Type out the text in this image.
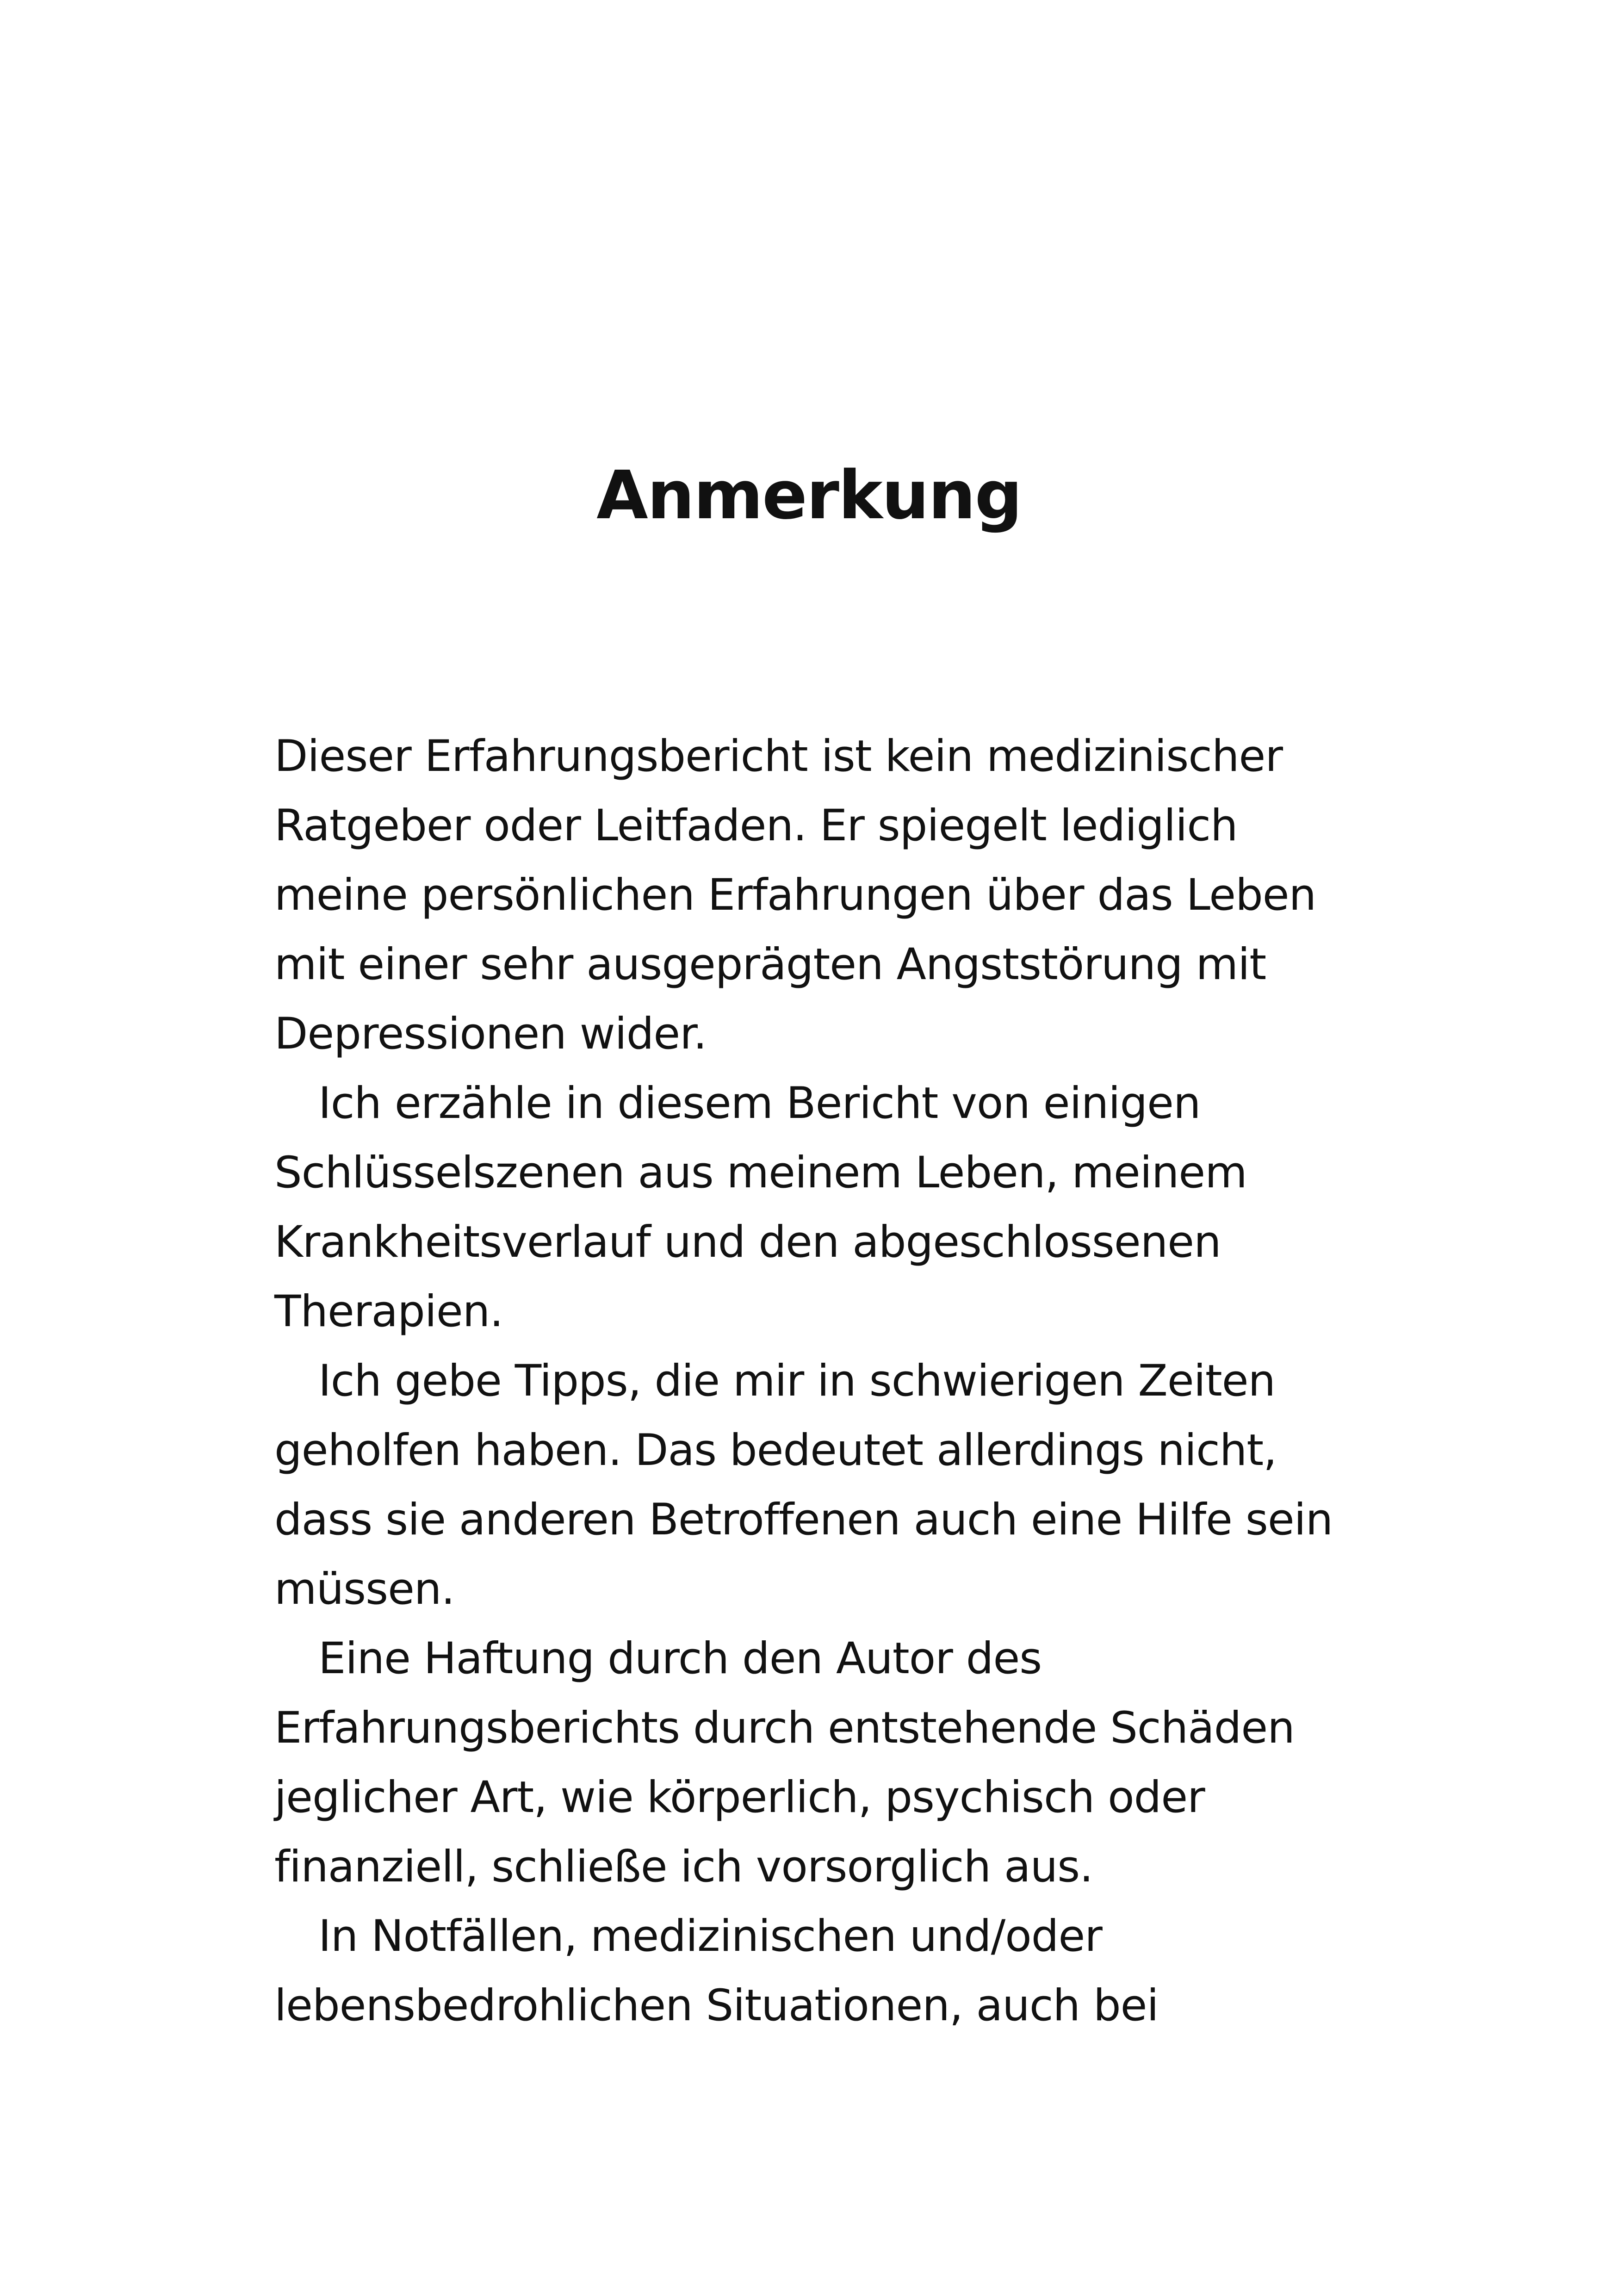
Anmerkung
Dieser Erfahrungsbericht ist kein medizinischer
Ratgeber oder Leitfaden. Er spiegelt lediglich
meine persönlichen Erfahrungen über das Leben
mit einer sehr ausgeprägten Angststörung mit
Depressionen wider.
Ich erzähle in diesem Bericht von einigen
Schlüsselszenen aus meinem Leben, meinem
Krankheitsverlauf und den abgeschlossenen
Therapien.
Ich gebe Tipps, die mir in schwierigen Zeiten
geholfen haben. Das bedeutet allerdings nicht,
dass sie anderen Betroffenen auch eine Hilfe sein
müssen.
Eine Haftung durch den Autor des
Erfahrungsberichts durch entstehende Schäden
jeglicher Art, wie körperlich, psychisch oder
finanziell, schließe ich vorsorglich aus.
In Notfällen, medizinischen und/oder
lebensbedrohlichen Situationen, auch bei
